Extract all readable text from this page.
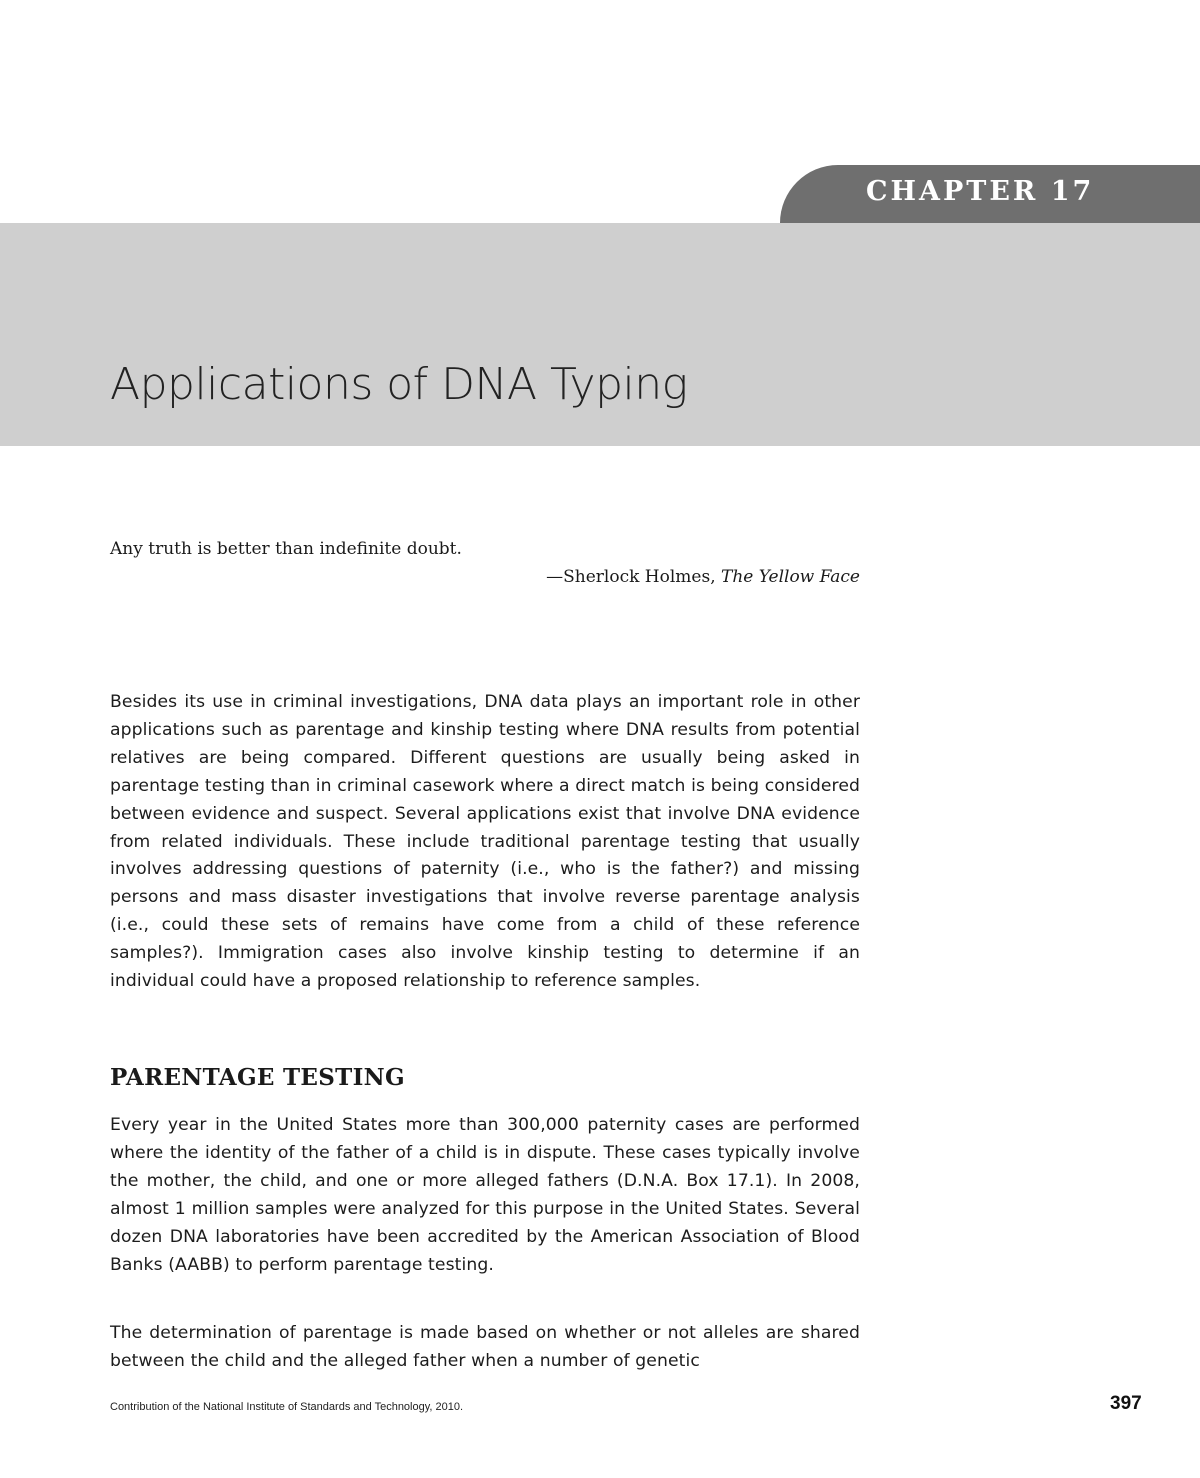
CHAPTER 17
Applications of DNA Typing
Any truth is better than indefinite doubt.
—Sherlock Holmes, The Yellow Face
Besides its use in criminal investigations, DNA data plays an important role in other applications such as parentage and kinship testing where DNA results from potential relatives are being compared. Different questions are usually being asked in parentage testing than in criminal casework where a direct match is being considered between evidence and suspect. Several applications exist that involve DNA evidence from related individuals. These include traditional parentage testing that usually involves addressing questions of paternity (i.e., who is the father?) and missing persons and mass disaster investigations that involve reverse parentage analysis (i.e., could these sets of remains have come from a child of these reference samples?). Immigration cases also involve kinship testing to determine if an individual could have a proposed relationship to reference samples.
PARENTAGE TESTING
Every year in the United States more than 300,000 paternity cases are performed where the identity of the father of a child is in dispute. These cases typically involve the mother, the child, and one or more alleged fathers (D.N.A. Box 17.1). In 2008, almost 1 million samples were analyzed for this purpose in the United States. Several dozen DNA laboratories have been accredited by the American Association of Blood Banks (AABB) to perform parentage testing.
The determination of parentage is made based on whether or not alleles are shared between the child and the alleged father when a number of genetic
Contribution of the National Institute of Standards and Technology, 2010.	397
